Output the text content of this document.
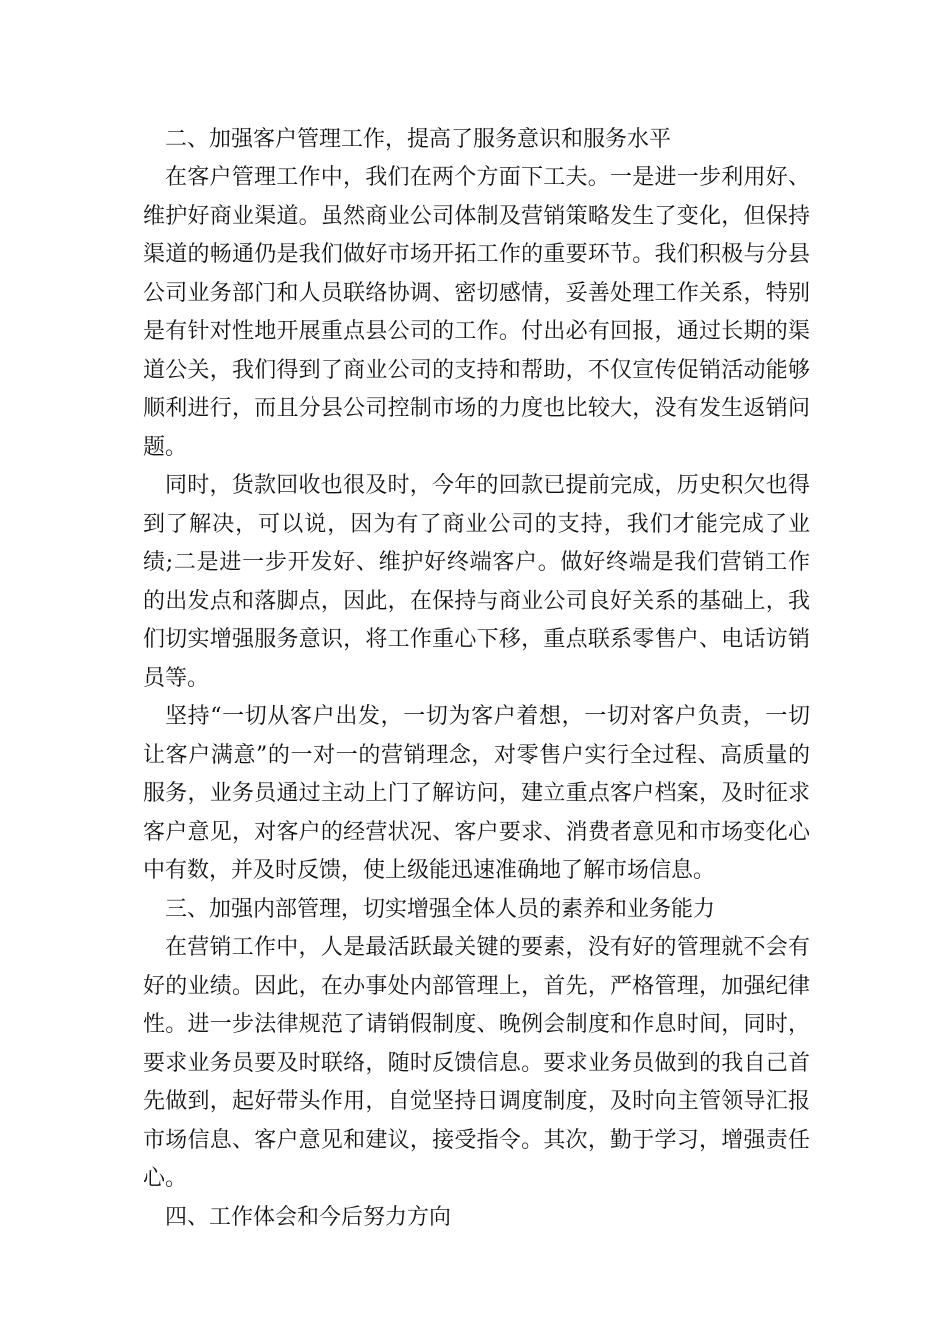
二、加强客户管理工作，提高了服务意识和服务水平

在客户管理工作中，我们在两个方面下工夫。一是进一步利用好、维护好商业渠道。虽然商业公司体制及营销策略发生了变化，但保持渠道的畅通仍是我们做好市场开拓工作的重要环节。我们积极与分县公司业务部门和人员联络协调、密切感情，妥善处理工作关系，特别是有针对性地开展重点县公司的工作。付出必有回报，通过长期的渠道公关，我们得到了商业公司的支持和帮助，不仅宣传促销活动能够顺利进行，而且分县公司控制市场的力度也比较大，没有发生返销问题。

同时，货款回收也很及时，今年的回款已提前完成，历史积欠也得到了解决，可以说，因为有了商业公司的支持，我们才能完成了业绩;二是进一步开发好、维护好终端客户。做好终端是我们营销工作的出发点和落脚点，因此，在保持与商业公司良好关系的基础上，我们切实增强服务意识，将工作重心下移，重点联系零售户、电话访销员等。

坚持“一切从客户出发，一切为客户着想，一切对客户负责，一切让客户满意”的一对一的营销理念，对零售户实行全过程、高质量的服务，业务员通过主动上门了解访问，建立重点客户档案，及时征求客户意见，对客户的经营状况、客户要求、消费者意见和市场变化心中有数，并及时反馈，使上级能迅速准确地了解市场信息。

三、加强内部管理，切实增强全体人员的素养和业务能力

在营销工作中，人是最活跃最关键的要素，没有好的管理就不会有好的业绩。因此，在办事处内部管理上，首先，严格管理，加强纪律性。进一步法律规范了请销假制度、晚例会制度和作息时间，同时，要求业务员要及时联络，随时反馈信息。要求业务员做到的我自己首先做到，起好带头作用，自觉坚持日调度制度，及时向主管领导汇报市场信息、客户意见和建议，接受指令。其次，勤于学习，增强责任心。

四、工作体会和今后努力方向
